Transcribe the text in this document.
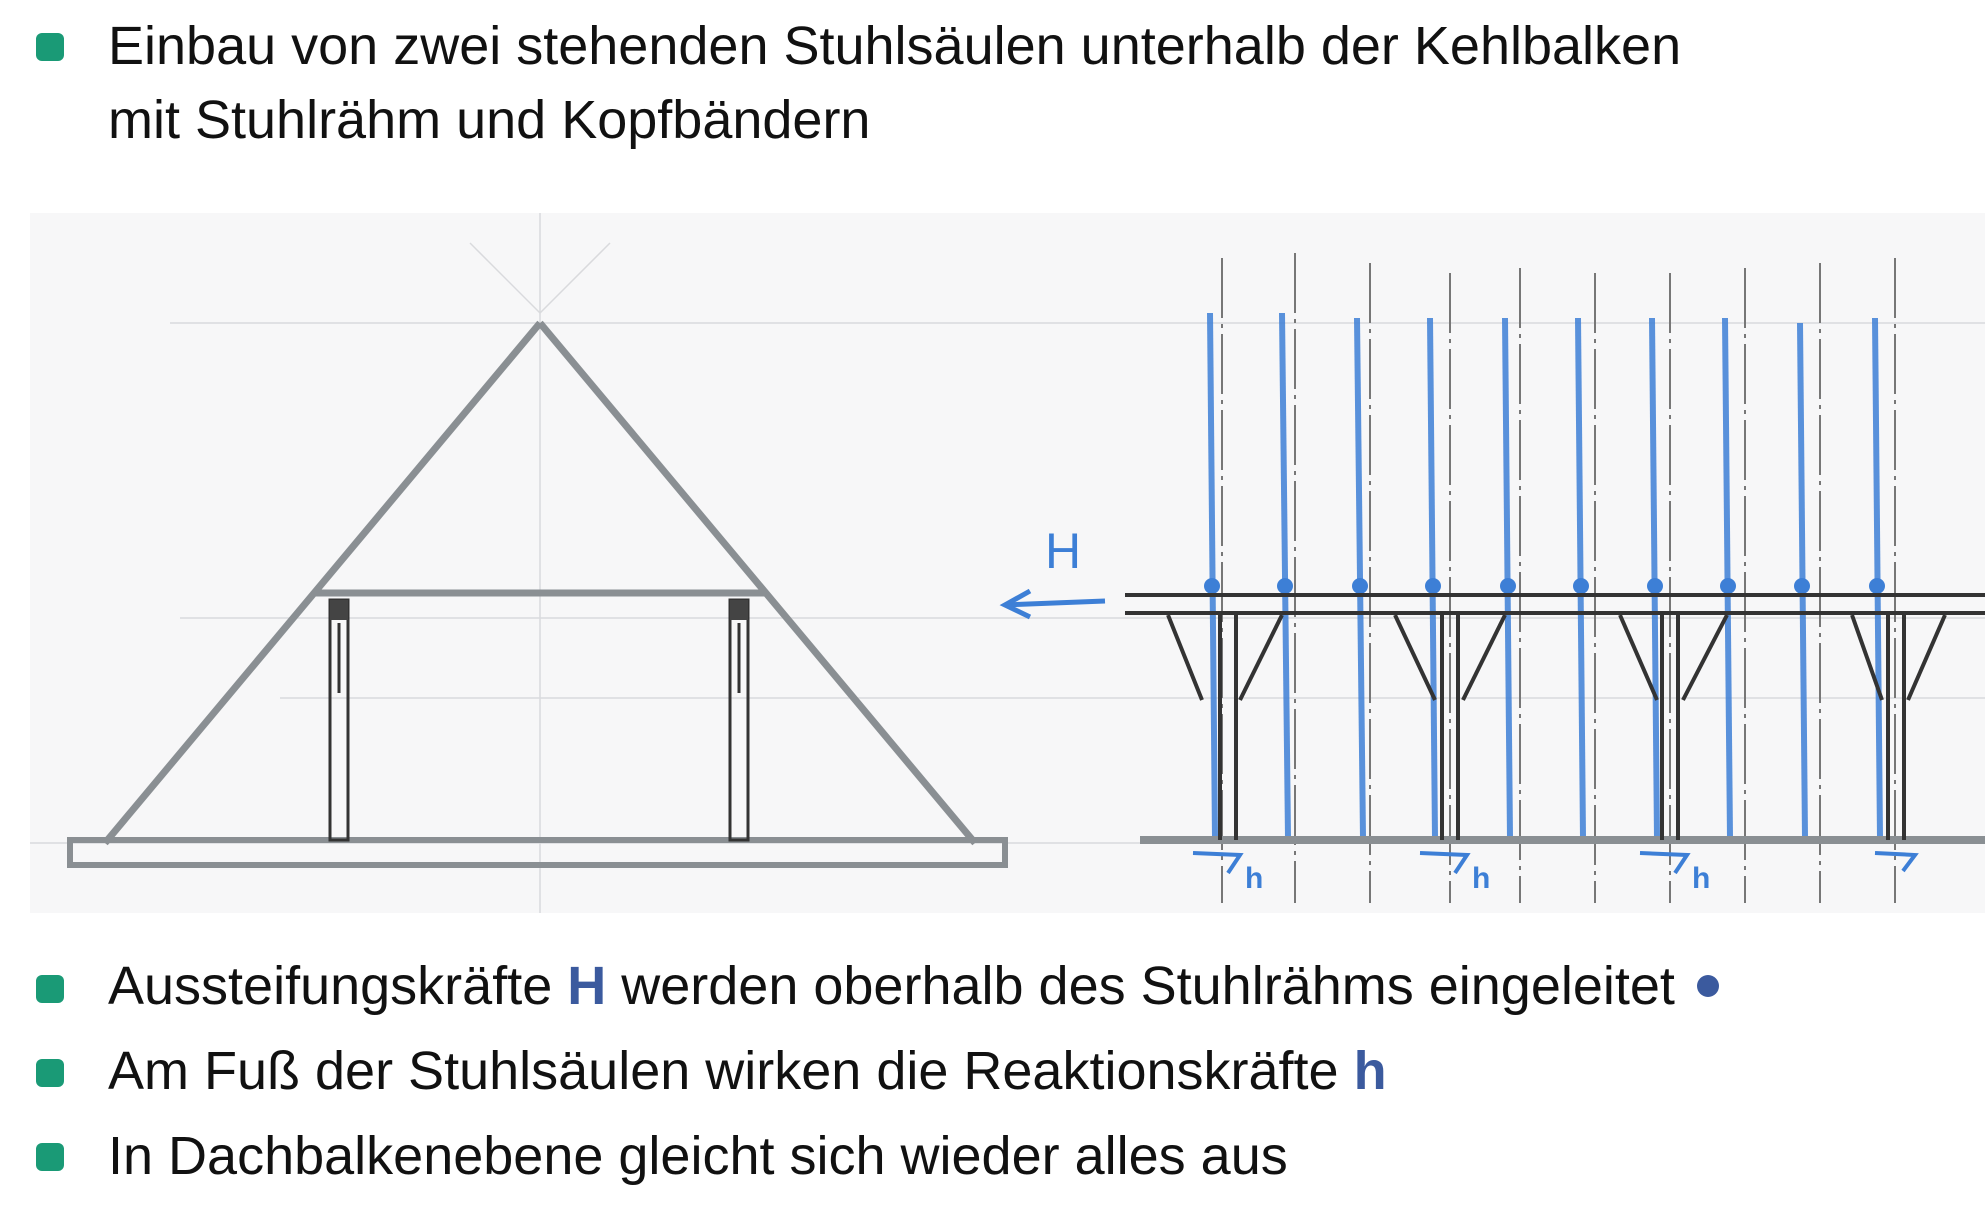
Einbau von zwei stehenden Stuhlsäulen unterhalb der Kehlbalken
mit Stuhlrähm und Kopfbändern
H
h	h	h
Aussteifungskräfte H werden oberhalb des Stuhlrähms eingeleitet
Am Fuß der Stuhlsäulen wirken die Reaktionskräfte h
In Dachbalkenebene gleicht sich wieder alles aus
